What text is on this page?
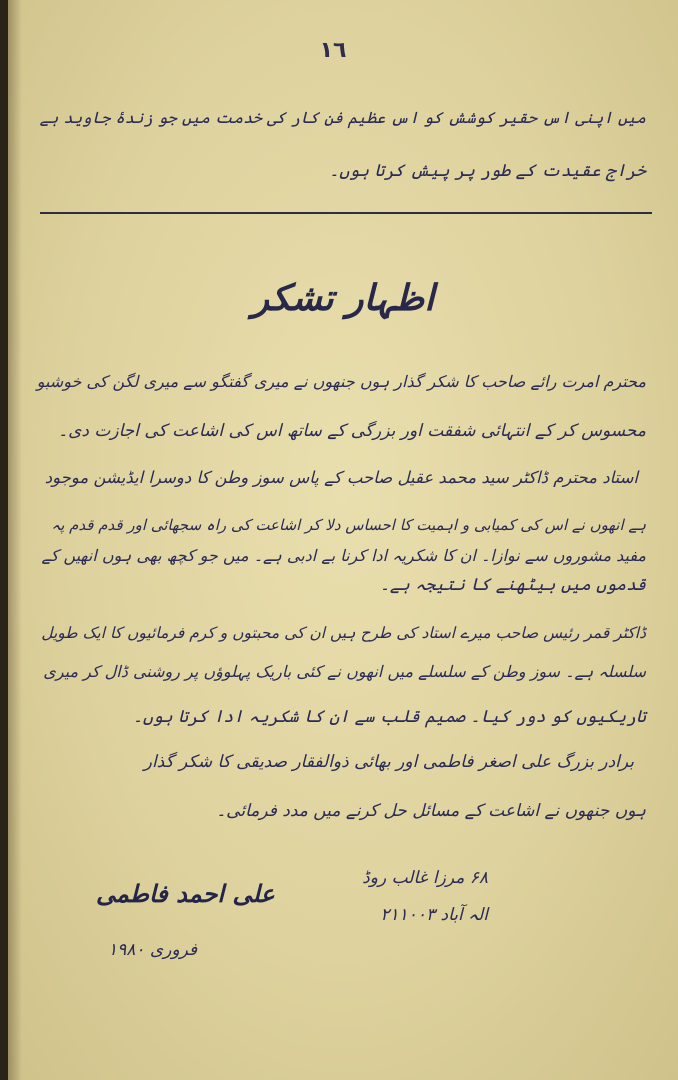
١٦
میں اپنی اس حقیر کوشش کو اس عظیم فن کار کی خدمت میں جو زندۂ جاوید ہے
خراج عقیدت کے طور پر پیش کرتا ہوں۔
اظہار تشکر
محترم امرت رائے صاحب کا شکر گذار ہوں جنھوں نے میری گفتگو سے میری لگن کی خوشبو
محسوس کر کے انتہائی شفقت اور بزرگی کے ساتھ اس کی اشاعت کی اجازت دی۔
استاد محترم ڈاکٹر سید محمد عقیل صاحب کے پاس سوز وطن کا دوسرا ایڈیشن موجود
ہے انھوں نے اس کی کمیابی و اہمیت کا احساس دلا کر اشاعت کی راہ سجھائی اور قدم قدم پہ
مفید مشوروں سے نوازا۔ ان کا شکریہ ادا کرنا بے ادبی ہے۔ میں جو کچھ بھی ہوں انھیں کے
قدموں میں بیٹھنے کا نتیجہ ہے۔
ڈاکٹر قمر رئیس صاحب میرے استاد کی طرح ہیں ان کی محبتوں و کرم فرمائیوں کا ایک طویل
سلسلہ ہے۔ سوز وطن کے سلسلے میں انھوں نے کئی باریک پہلوؤں پر روشنی ڈال کر میری
تاریکیوں کو دور کیا۔ صمیم قلب سے ان کا شکریہ ادا کرتا ہوں۔
برادر بزرگ علی اصغر فاطمی اور بھائی ذوالفقار صدیقی کا شکر گذار
ہوں جنھوں نے اشاعت کے مسائل حل کرنے میں مدد فرمائی۔
۶۸ مرزا غالب روڈ
الہ آباد ۲۱۱۰۰۳
علی احمد فاطمی
فروری ۱۹۸۰
